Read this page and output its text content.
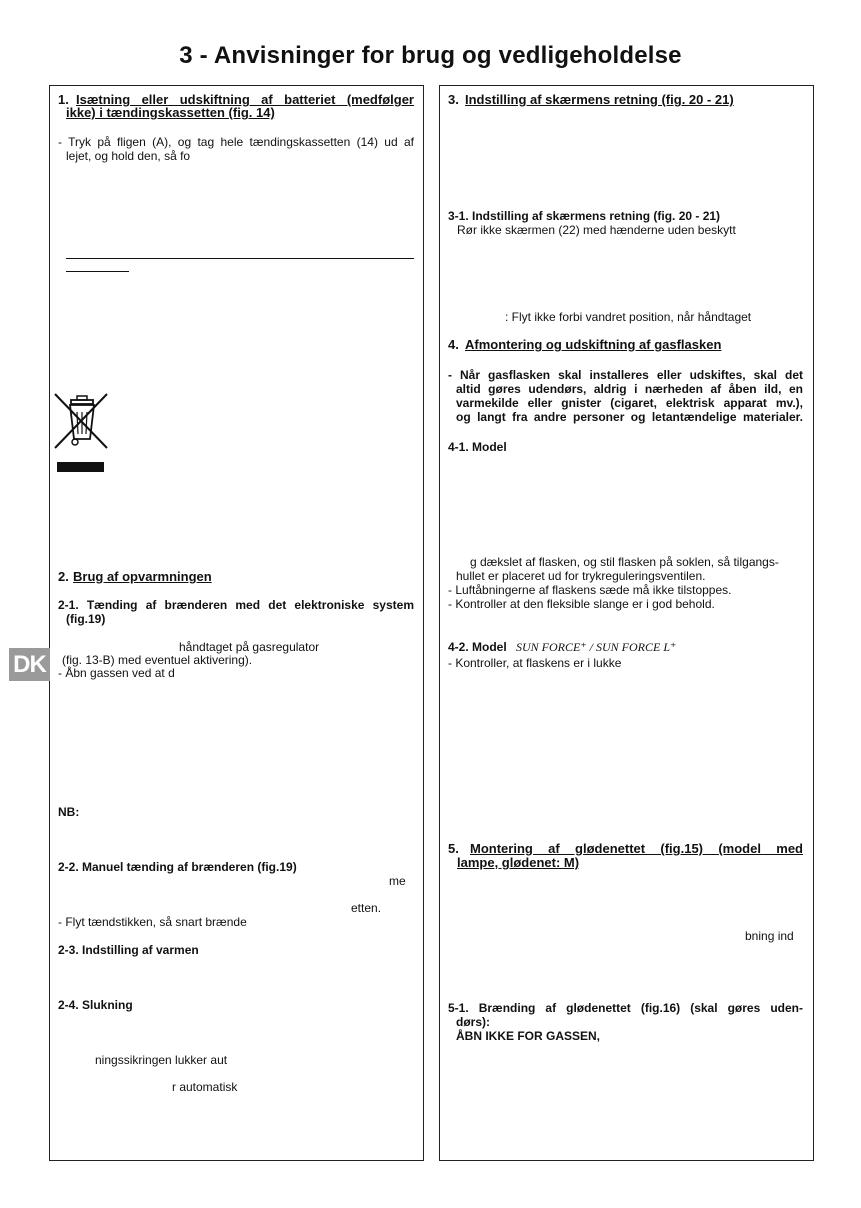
3 - Anvisninger for brug og vedligeholdelse
DK
1. Isætning eller udskiftning af batteriet (medfølger
ikke) i tændingskassetten (fig. 14)
- Tryk på fligen (A), og tag hele tændingskassetten (14) ud af
lejet, og hold den, så fo
2. Brug af opvarmningen
2-1. Tænding af brænderen med det elektroniske system
(fig.19)
håndtaget på gasregulator
(fig. 13-B) med eventuel aktivering).
- Åbn gassen ved at d
NB:
2-2. Manuel tænding af brænderen (fig.19)
me
etten.
- Flyt tændstikken, så snart brænde
2-3. Indstilling af varmen
2-4. Slukning
ningssikringen lukker aut
r automatisk
3. Indstilling af skærmens retning (fig. 20 - 21)
3-1. Indstilling af skærmens retning (fig. 20 - 21)
Rør ikke skærmen (22) med hænderne uden beskytt
: Flyt ikke forbi vandret position, når håndtaget
4. Afmontering og udskiftning af gasflasken
- Når gasflasken skal installeres eller udskiftes, skal det
altid gøres udendørs, aldrig i nærheden af åben ild, en
varmekilde eller gnister (cigaret, elektrisk apparat mv.),
og langt fra andre personer og letantændelige materialer.
4-1. Model
g dækslet af flasken, og stil flasken på soklen, så tilgangs-
hullet er placeret ud for trykreguleringsventilen.
- Luftåbningerne af flaskens sæde må ikke tilstoppes.
- Kontroller at den fleksible slange er i god behold.
4-2. Model SUN FORCE⁺ / SUN FORCE L⁺
- Kontroller, at flaskens er i lukke
5. Montering af glødenettet (fig.15) (model med
lampe, glødenet: M)
bning ind
5-1. Brænding af glødenettet (fig.16) (skal gøres uden-
dørs):
ÅBN IKKE FOR GASSEN,
